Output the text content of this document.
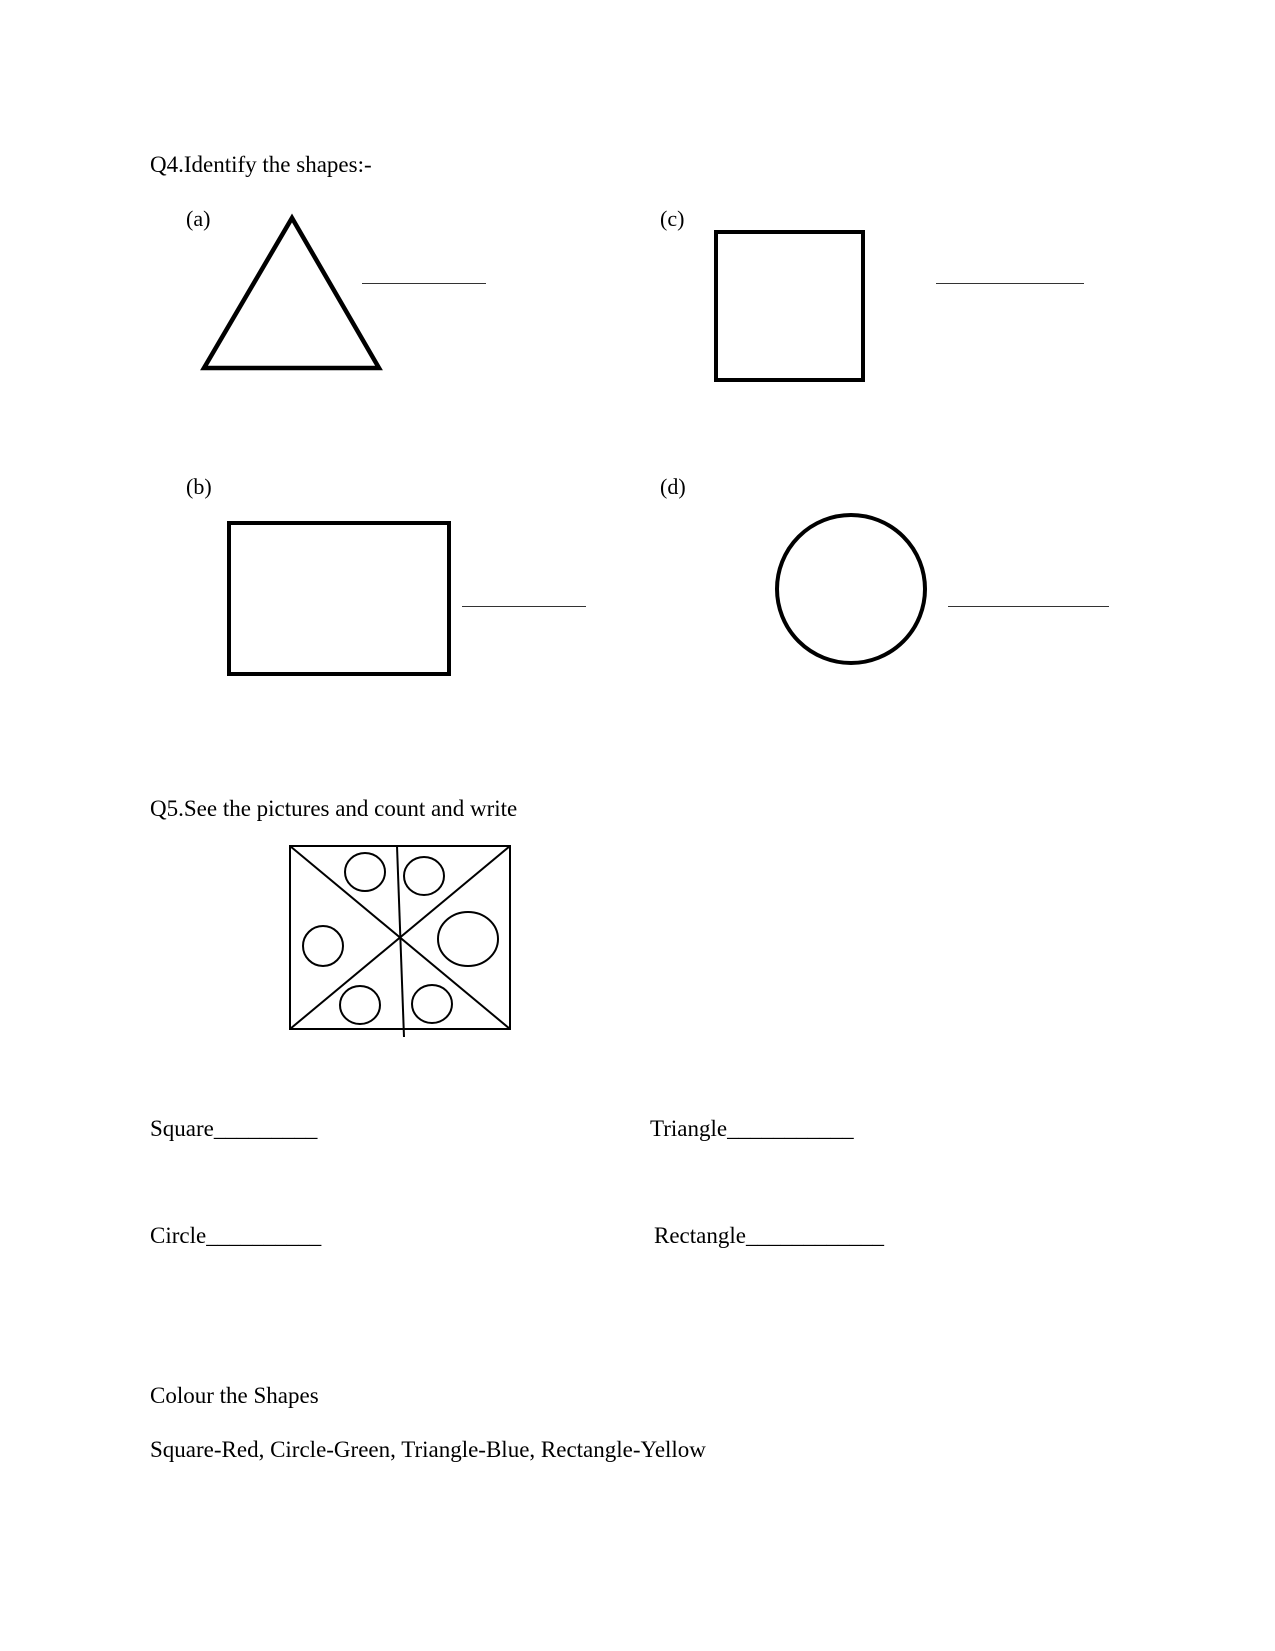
Q4.Identify the shapes:-
(a)	(c)
(b)	(d)
Q5.See the pictures and count and write
Square_________	Triangle___________
Circle__________	Rectangle____________
Colour the Shapes
Square-Red, Circle-Green, Triangle-Blue, Rectangle-Yellow
